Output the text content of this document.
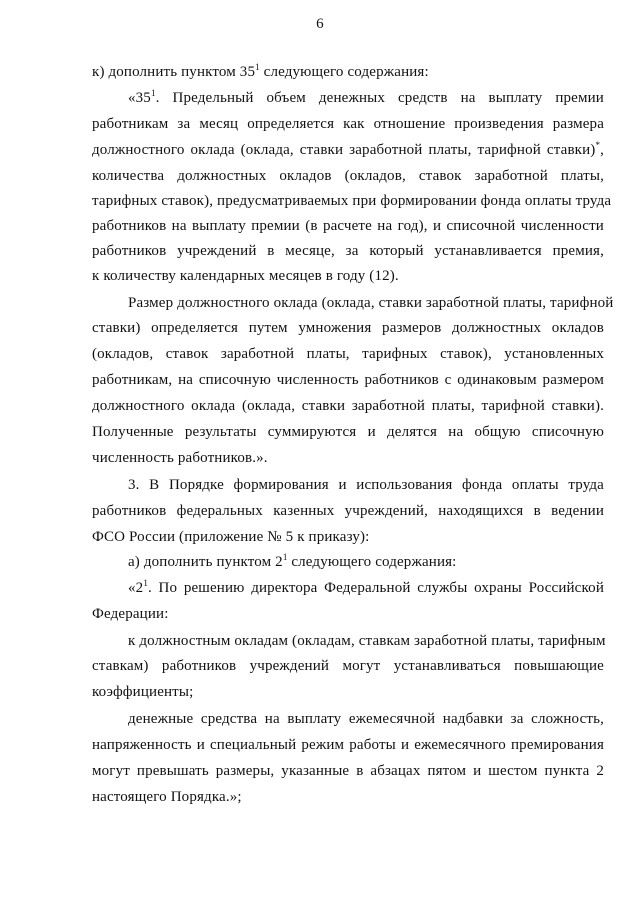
6
к) дополнить пунктом $35^1$ следующего содержания:
«$35^1$. Предельный объем денежных средств на выплату премии
работникам за месяц определяется как отношение произведения размера
должностного оклада (оклада, ставки заработной платы, тарифной ставки)*,
количества должностных окладов (окладов, ставок заработной платы,
тарифных ставок), предусматриваемых при формировании фонда оплаты труда
работников на выплату премии (в расчете на год), и списочной численности
работников учреждений в месяце, за который устанавливается премия,
к количеству календарных месяцев в году (12).
Размер должностного оклада (оклада, ставки заработной платы, тарифной
ставки) определяется путем умножения размеров должностных окладов
(окладов, ставок заработной платы, тарифных ставок), установленных
работникам, на списочную численность работников с одинаковым размером
должностного оклада (оклада, ставки заработной платы, тарифной ставки).
Полученные результаты суммируются и делятся на общую списочную
численность работников.».
3. В Порядке формирования и использования фонда оплаты труда
работников федеральных казенных учреждений, находящихся в ведении
ФСО России (приложение № 5 к приказу):
а) дополнить пунктом $2^1$ следующего содержания:
«$2^1$. По решению директора Федеральной службы охраны Российской
Федерации:
к должностным окладам (окладам, ставкам заработной платы, тарифным
ставкам) работников учреждений могут устанавливаться повышающие
коэффициенты;
денежные средства на выплату ежемесячной надбавки за сложность,
напряженность и специальный режим работы и ежемесячного премирования
могут превышать размеры, указанные в абзацах пятом и шестом пункта 2
настоящего Порядка.»;
